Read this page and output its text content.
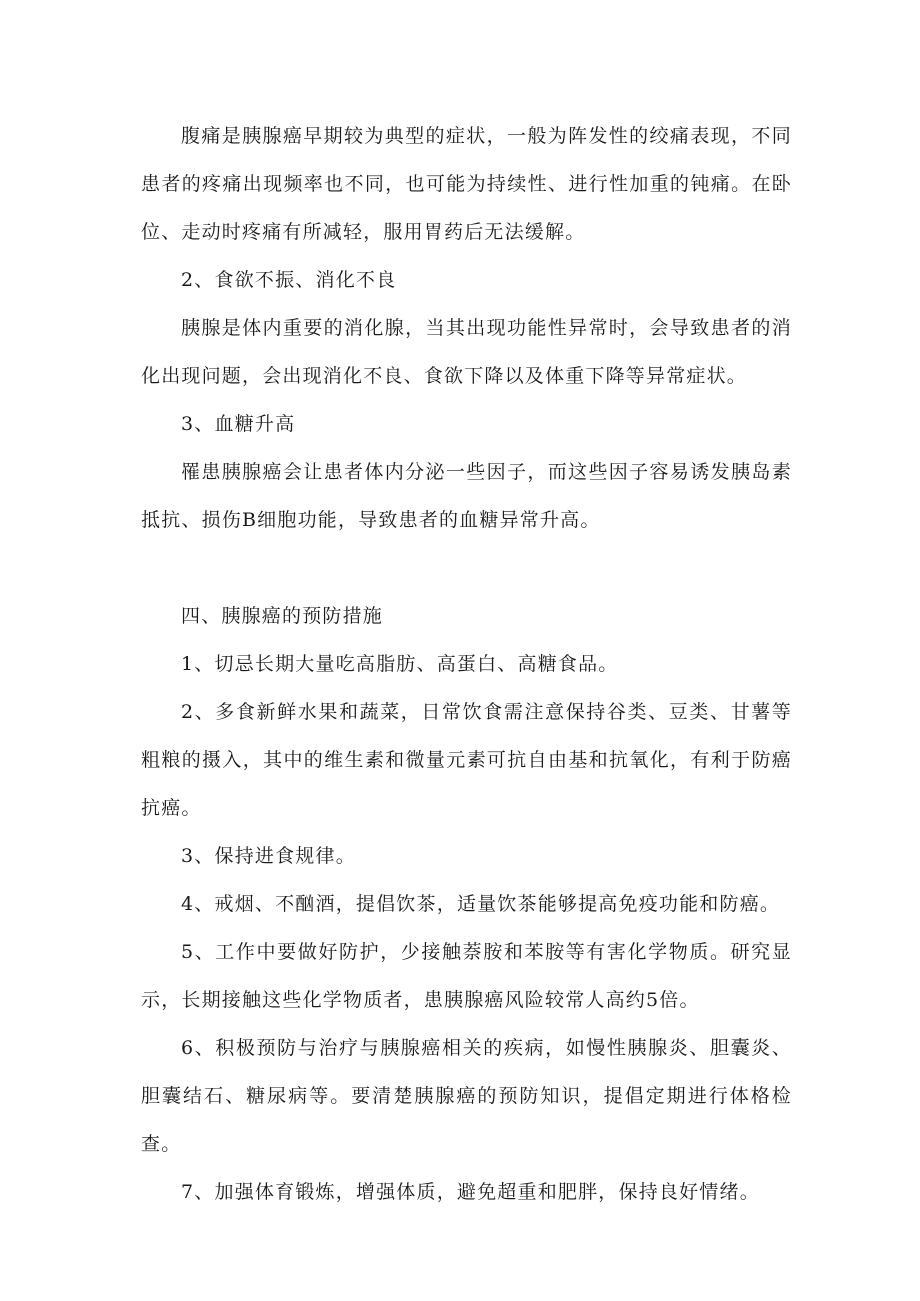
腹痛是胰腺癌早期较为典型的症状，一般为阵发性的绞痛表现，不同患者的疼痛出现频率也不同，也可能为持续性、进行性加重的钝痛。在卧位、走动时疼痛有所减轻，服用胃药后无法缓解。

2、食欲不振、消化不良

胰腺是体内重要的消化腺，当其出现功能性异常时，会导致患者的消化出现问题，会出现消化不良、食欲下降以及体重下降等异常症状。

3、血糖升高

罹患胰腺癌会让患者体内分泌一些因子，而这些因子容易诱发胰岛素抵抗、损伤B细胞功能，导致患者的血糖异常升高。

四、胰腺癌的预防措施

1、切忌长期大量吃高脂肪、高蛋白、高糖食品。

2、多食新鲜水果和蔬菜，日常饮食需注意保持谷类、豆类、甘薯等粗粮的摄入，其中的维生素和微量元素可抗自由基和抗氧化，有利于防癌抗癌。

3、保持进食规律。

4、戒烟、不酗酒，提倡饮茶，适量饮茶能够提高免疫功能和防癌。

5、工作中要做好防护，少接触萘胺和苯胺等有害化学物质。研究显示，长期接触这些化学物质者，患胰腺癌风险较常人高约5倍。

6、积极预防与治疗与胰腺癌相关的疾病，如慢性胰腺炎、胆囊炎、胆囊结石、糖尿病等。要清楚胰腺癌的预防知识，提倡定期进行体格检查。

7、加强体育锻炼，增强体质，避免超重和肥胖，保持良好情绪。
